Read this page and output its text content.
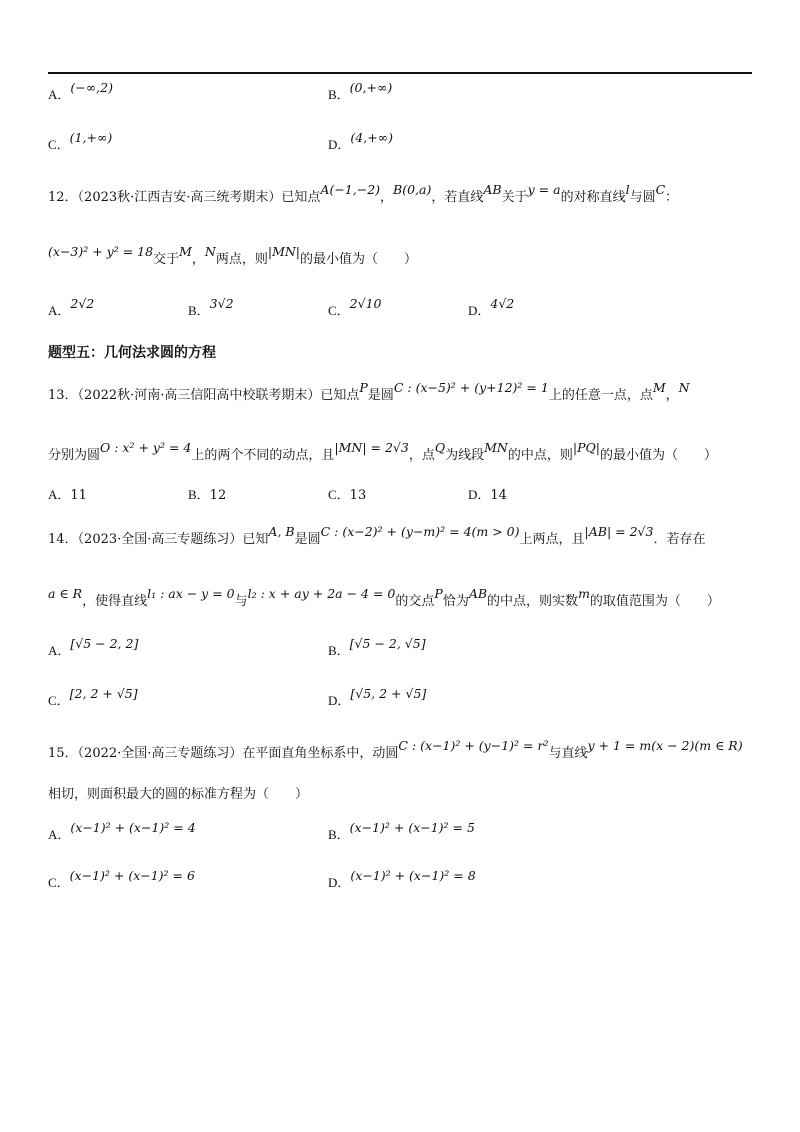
A．(−∞,2)	B．(0,+∞)
C．(1,+∞)	D．(4,+∞)
12．（2023秋·江西吉安·高三统考期末）已知点A(−1,−2)，B(0,a)，若直线AB关于y = a的对称直线l与圆C：
(x−3)² + y² = 18交于M，N两点，则|MN|的最小值为（　　）
A．2√2	B．3√2	C．2√10	D．4√2
题型五：几何法求圆的方程
13．（2022秋·河南·高三信阳高中校联考期末）已知点P是圆C : (x−5)² + (y+12)² = 1上的任意一点，点M，N
分别为圆O : x² + y² = 4上的两个不同的动点，且|MN| = 2√3，点Q为线段MN的中点，则|PQ|的最小值为（　　）
A．11	B．12	C．13	D．14
14．（2023·全国·高三专题练习）已知A, B是圆C : (x−2)² + (y−m)² = 4(m > 0)上两点，且|AB| = 2√3．若存在
a ∈ R，使得直线l₁ : ax − y = 0与l₂ : x + ay + 2a − 4 = 0的交点P恰为AB的中点，则实数m的取值范围为（　　）
A．[√5 − 2, 2]	B．[√5 − 2, √5]
C．[2, 2 + √5]	D．[√5, 2 + √5]
15．（2022·全国·高三专题练习）在平面直角坐标系中，动圆C : (x−1)² + (y−1)² = r²与直线y + 1 = m(x − 2)(m ∈ R)
相切，则面积最大的圆的标准方程为（　　）
A．(x−1)² + (x−1)² = 4	B．(x−1)² + (x−1)² = 5
C．(x−1)² + (x−1)² = 6	D．(x−1)² + (x−1)² = 8
